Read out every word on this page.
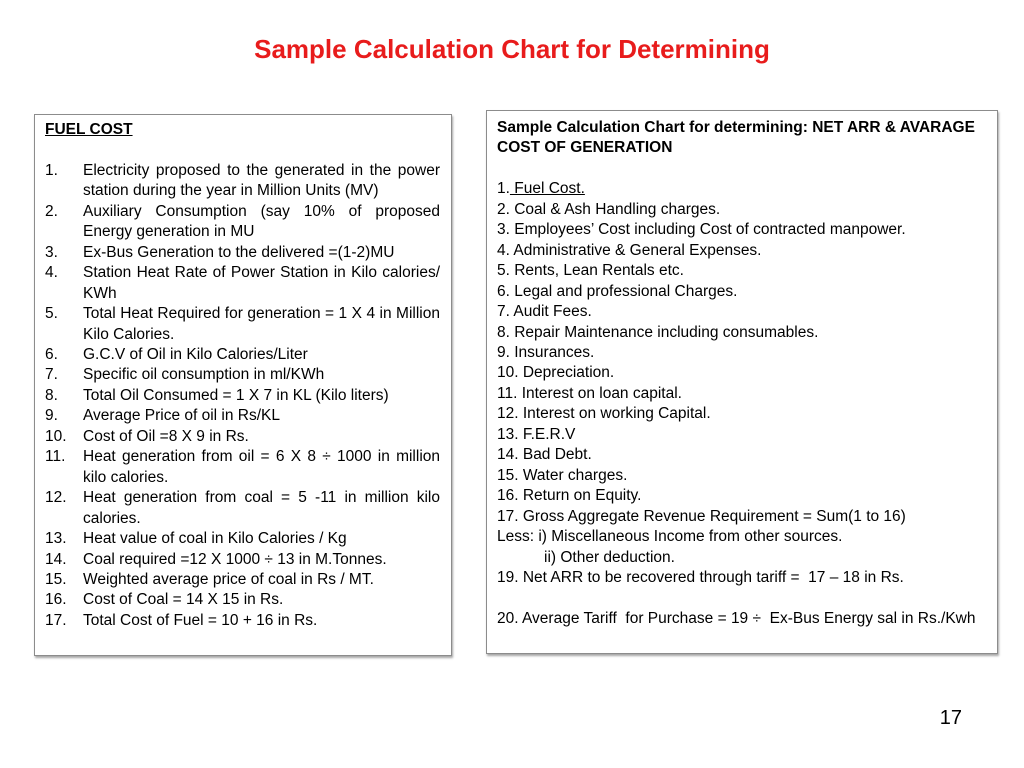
Sample Calculation Chart for Determining
FUEL COST
1.	Electricity proposed to the generated in the power station during the year in Million Units (MV)
2.	Auxiliary Consumption (say 10% of proposed Energy generation in MU
3.	Ex-Bus Generation to the delivered =(1-2)MU
4.	Station Heat Rate of Power Station in Kilo calories/ KWh
5.	Total Heat Required for generation = 1 X 4 in Million Kilo Calories.
6.	G.C.V of Oil in Kilo Calories/Liter
7.	Specific oil consumption in ml/KWh
8.	Total Oil Consumed = 1 X 7 in KL (Kilo liters)
9.	Average Price of oil in Rs/KL
10.	Cost of Oil =8 X 9 in Rs.
11.	Heat generation from oil = 6 X 8 ÷ 1000 in million kilo calories.
12.	Heat generation from coal = 5 -11 in million kilo calories.
13.	Heat value of coal in Kilo Calories / Kg
14.	Coal required =12 X 1000 ÷ 13 in M.Tonnes.
15.	Weighted average price of coal in Rs / MT.
16.	Cost of Coal = 14 X 15 in Rs.
17.	Total Cost of Fuel = 10 + 16 in Rs.
Sample Calculation Chart for determining: NET ARR & AVARAGE COST OF GENERATION

1. Fuel Cost.

2. Coal & Ash Handling charges.

3. Employees’ Cost including Cost of contracted manpower.

4. Administrative & General Expenses.

5. Rents, Lean Rentals etc.

6. Legal and professional Charges.

7. Audit Fees.

8. Repair Maintenance including consumables.

9. Insurances.

10. Depreciation.

11. Interest on loan capital.

12. Interest on working Capital.

13. F.E.R.V

14. Bad Debt.

15. Water charges.

16. Return on Equity.

17. Gross Aggregate Revenue Requirement = Sum(1 to 16)

Less: i) Miscellaneous Income from other sources.

ii) Other deduction.

19. Net ARR to be recovered through tariff =  17 – 18 in Rs.

20. Average Tariff  for Purchase = 19 ÷  Ex-Bus Energy sal in Rs./Kwh

17
